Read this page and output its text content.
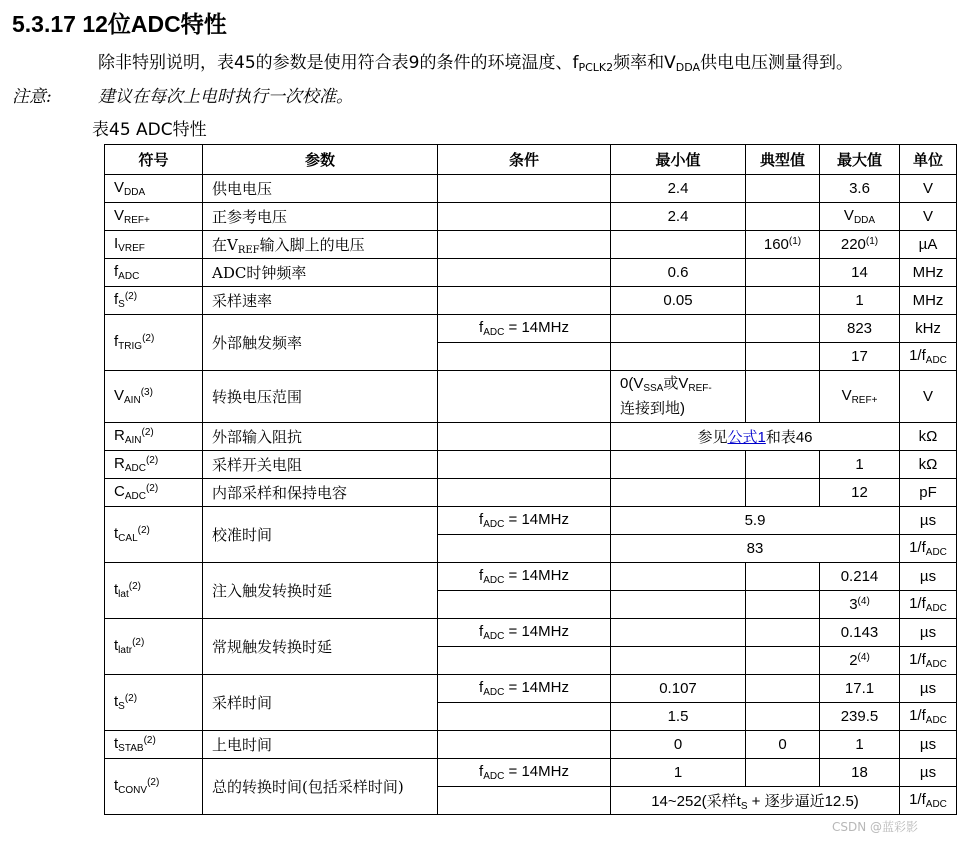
5.3.17 12位ADC特性
除非特别说明，表45的参数是使用符合表9的条件的环境温度、$f_{PCLK2}$频率和$V_{DDA}$供电电压测量得到。
注意:	建议在每次上电时执行一次校准。
表45 ADC特性
符号	参数	条件	最小值	典型值	最大值	单位
$V_{DDA}$	供电电压		2.4		3.6	V
$V_{REF+}$	正参考电压		2.4		$V_{DDA}$	V
$I_{VREF}$	在$V_{REF}$输入脚上的电压			160$^{(1)}$	220$^{(1)}$	µA
$f_{ADC}$	ADC时钟频率		0.6		14	MHz
$f_S^{(2)}$	采样速率		0.05		1	MHz
$f_{TRIG}^{(2)}$	外部触发频率	$f_{ADC} = 14MHz$			823	kHz
					17	$1/f_{ADC}$
$V_{AIN}^{(3)}$	转换电压范围		$0(V_{SSA}$或$V_{REF-}$
连接到地)		$V_{REF+}$	V
$R_{AIN}^{(2)}$	外部输入阻抗		参见公式1和表46			kΩ
$R_{ADC}^{(2)}$	采样开关电阻				1	kΩ
$C_{ADC}^{(2)}$	内部采样和保持电容				12	pF
$t_{CAL}^{(2)}$	校准时间	$f_{ADC} = 14MHz$	5.9			µs
			83			$1/f_{ADC}$
$t_{lat}^{(2)}$	注入触发转换时延	$f_{ADC} = 14MHz$			0.214	µs
					3$^{(4)}$	$1/f_{ADC}$
$t_{latr}^{(2)}$	常规触发转换时延	$f_{ADC} = 14MHz$			0.143	µs
					2$^{(4)}$	$1/f_{ADC}$
$t_S^{(2)}$	采样时间	$f_{ADC} = 14MHz$	0.107		17.1	µs
			1.5		239.5	$1/f_{ADC}$
$t_{STAB}^{(2)}$	上电时间		0	0	1	µs
$t_{CONV}^{(2)}$	总的转换时间(包括采样时间)	$f_{ADC} = 14MHz$	1		18	µs
			14~252(采样$t_S$ + 逐步逼近12.5)			$1/f_{ADC}$
CSDN @蓝彩影
